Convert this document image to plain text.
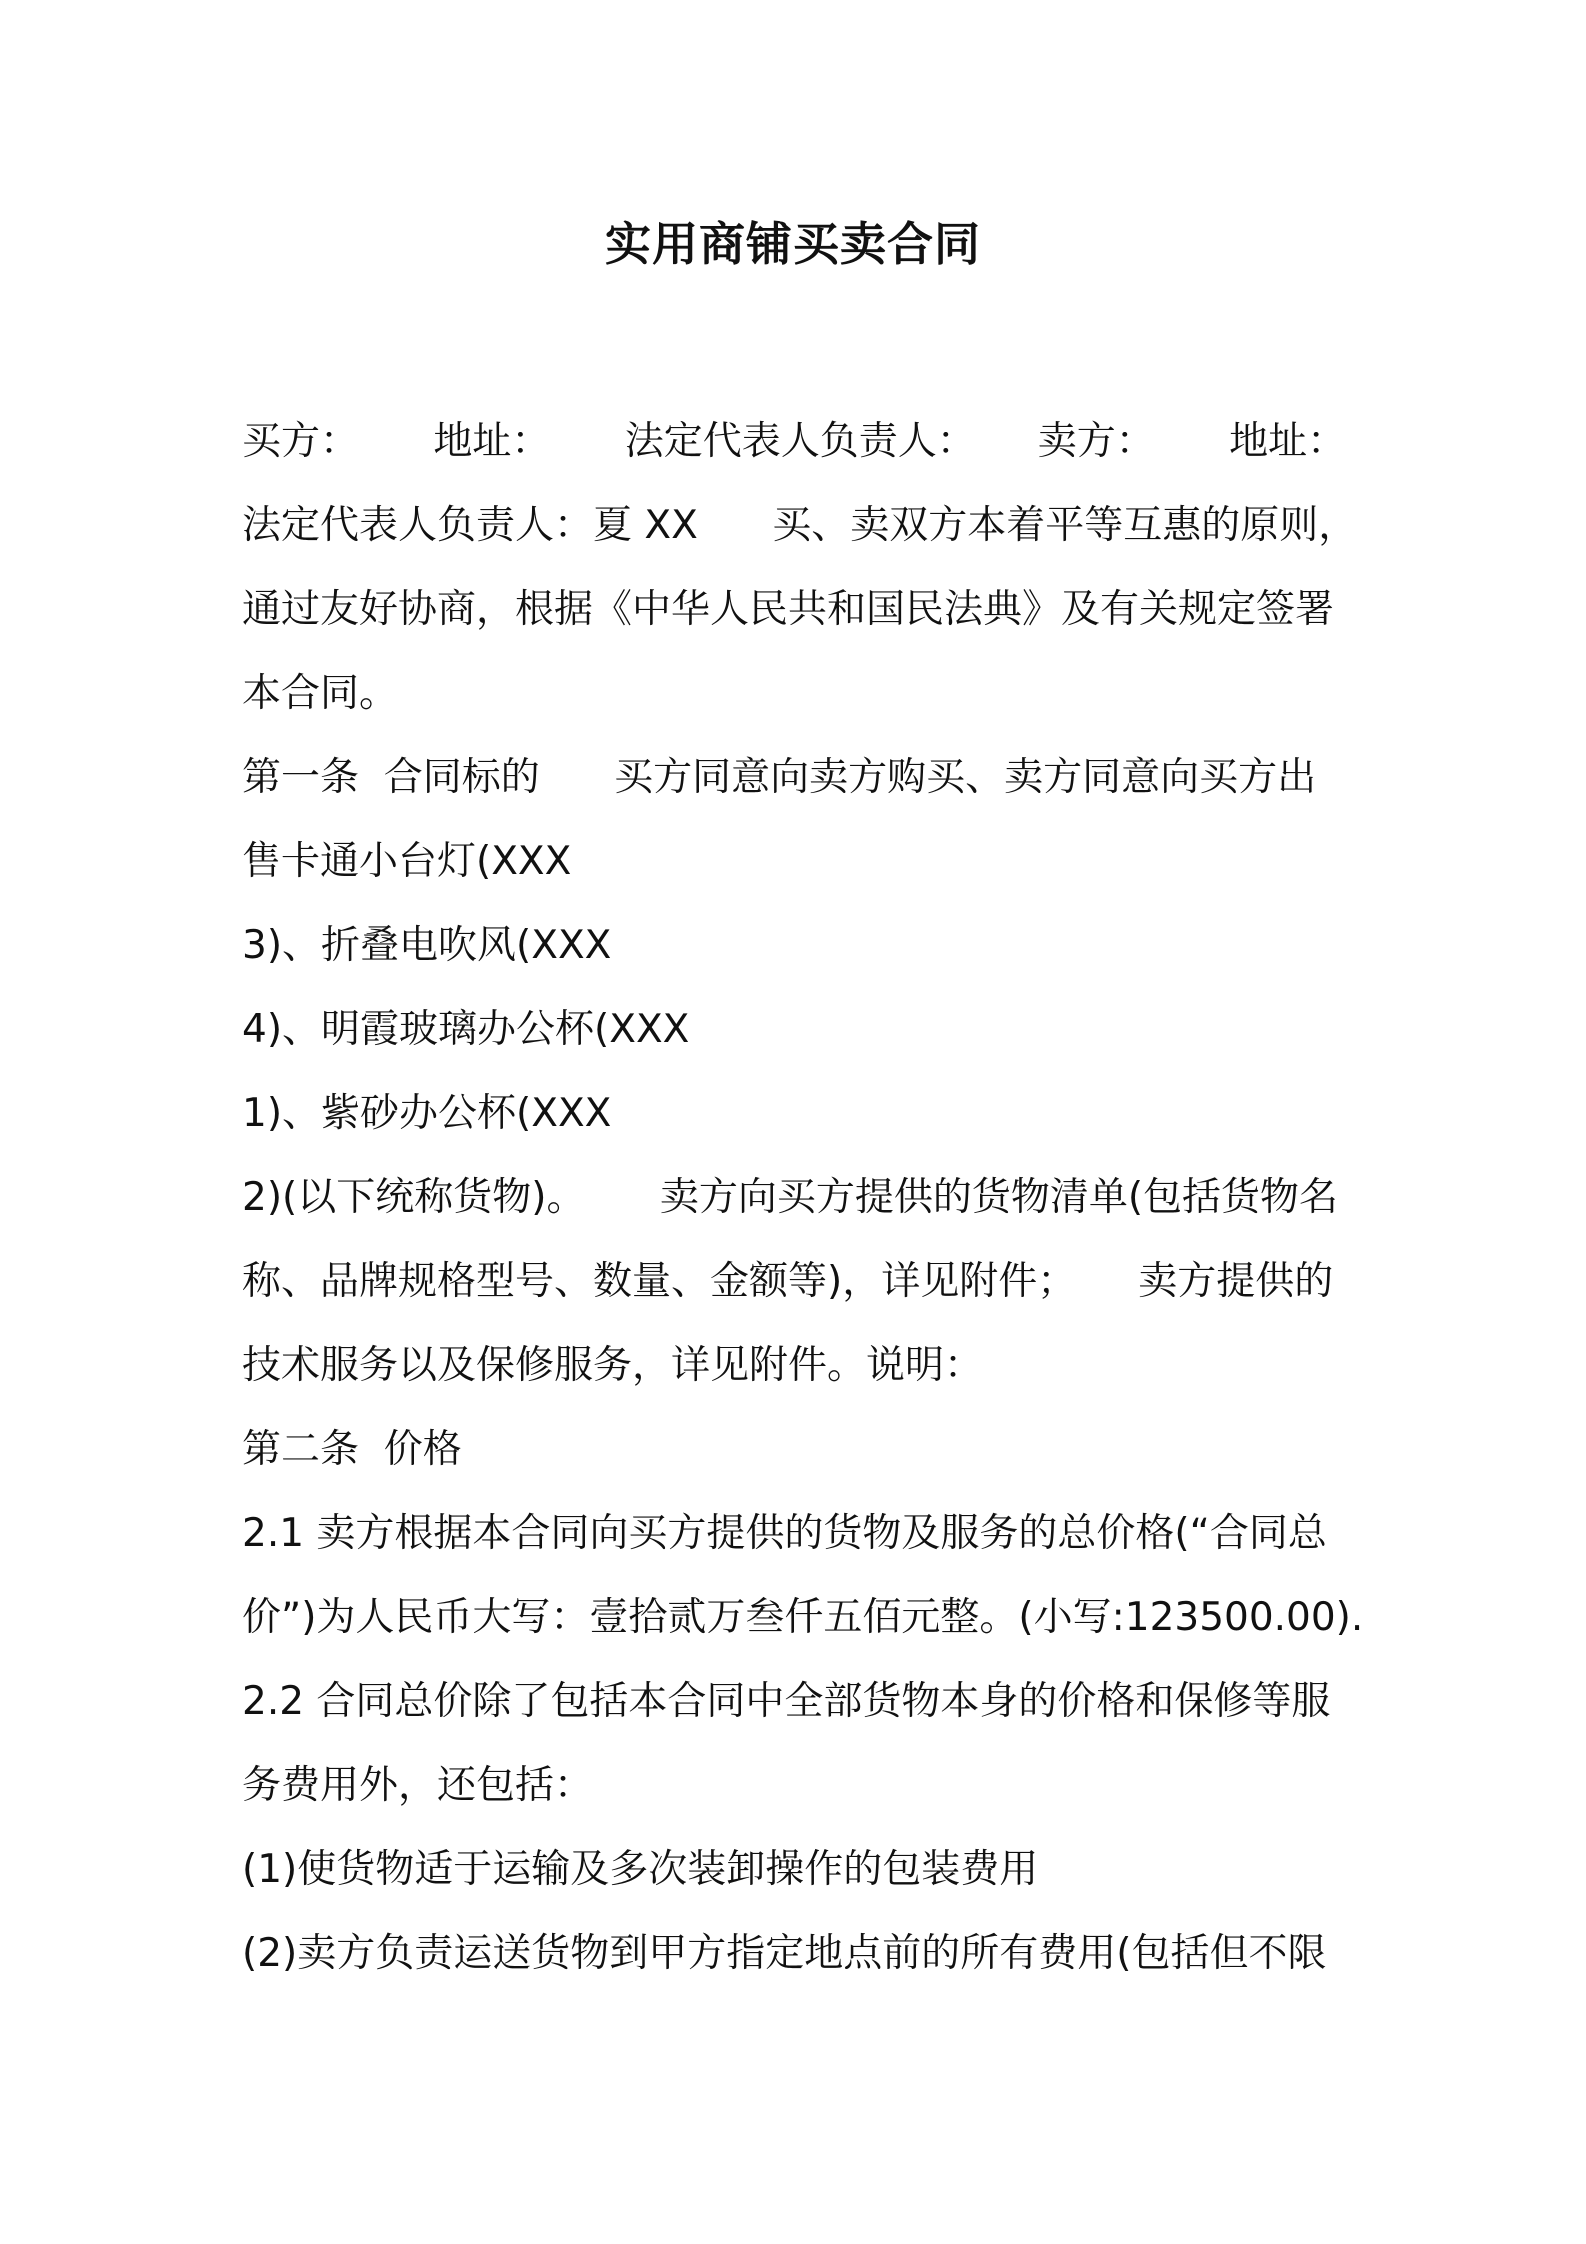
实用商铺买卖合同
买方：      地址：      法定代表人负责人：     卖方：      地址：
法定代表人负责人：夏 XX      买、卖双方本着平等互惠的原则，
通过友好协商，根据《中华人民共和国民法典》及有关规定签署
本合同。
第一条  合同标的      买方同意向卖方购买、卖方同意向买方出
售卡通小台灯(XXX
3)、折叠电吹风(XXX
4)、明霞玻璃办公杯(XXX
1)、紫砂办公杯(XXX
2)(以下统称货物)。      卖方向买方提供的货物清单(包括货物名
称、品牌规格型号、数量、金额等)，详见附件；     卖方提供的
技术服务以及保修服务，详见附件。说明：
第二条  价格
2.1 卖方根据本合同向买方提供的货物及服务的总价格(“合同总
价”)为人民币大写：壹拾贰万叁仟五佰元整。(小写:123500.00).
2.2 合同总价除了包括本合同中全部货物本身的价格和保修等服
务费用外，还包括：
(1)使货物适于运输及多次装卸操作的包装费用
(2)卖方负责运送货物到甲方指定地点前的所有费用(包括但不限
